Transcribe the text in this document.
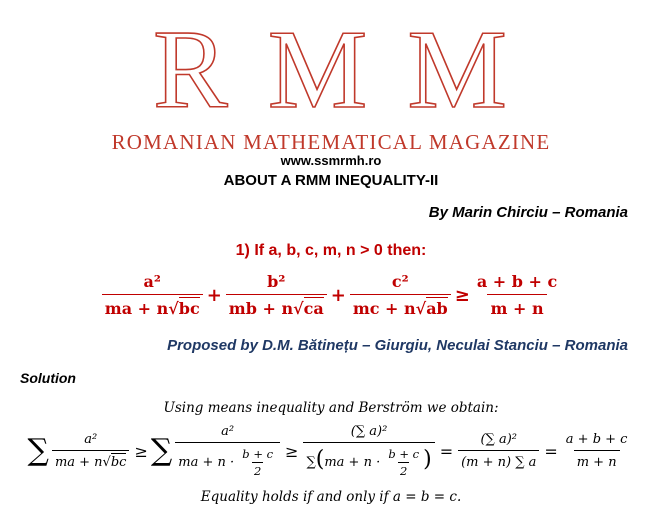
R M M
ROMANIAN MATHEMATICAL MAGAZINE
www.ssmrmh.ro
ABOUT A RMM INEQUALITY-II
By Marin Chirciu – Romania
1) If a, b, c, m, n > 0 then:
$\frac{\text{a²}}{ma + n√bc} + \frac{\text{b²}}{mb + n√ca} + \frac{\text{c²}}{mc + n√ab} \ge \frac{a + b + c}{m + n}$
Proposed by D.M. Bătinețu – Giurgiu, Neculai Stanciu – Romania
Solution
Using means inequality and Berström we obtain:
∑ $\frac{\text{a²}}{ma + n√bc}$ ≥ ∑ $\frac{\text{a²}}{ma + n \cdot \frac{b + c}{2}} \ge \frac{\text{(∑ a)²}}{\sum(ma + n \cdot \frac{b + c}{2} )} = \frac{\text{(∑ a)²}}{(m + n) \sum a} = \frac{a + b + c}{m + n}$
Equality holds if and only if a = b = c.
